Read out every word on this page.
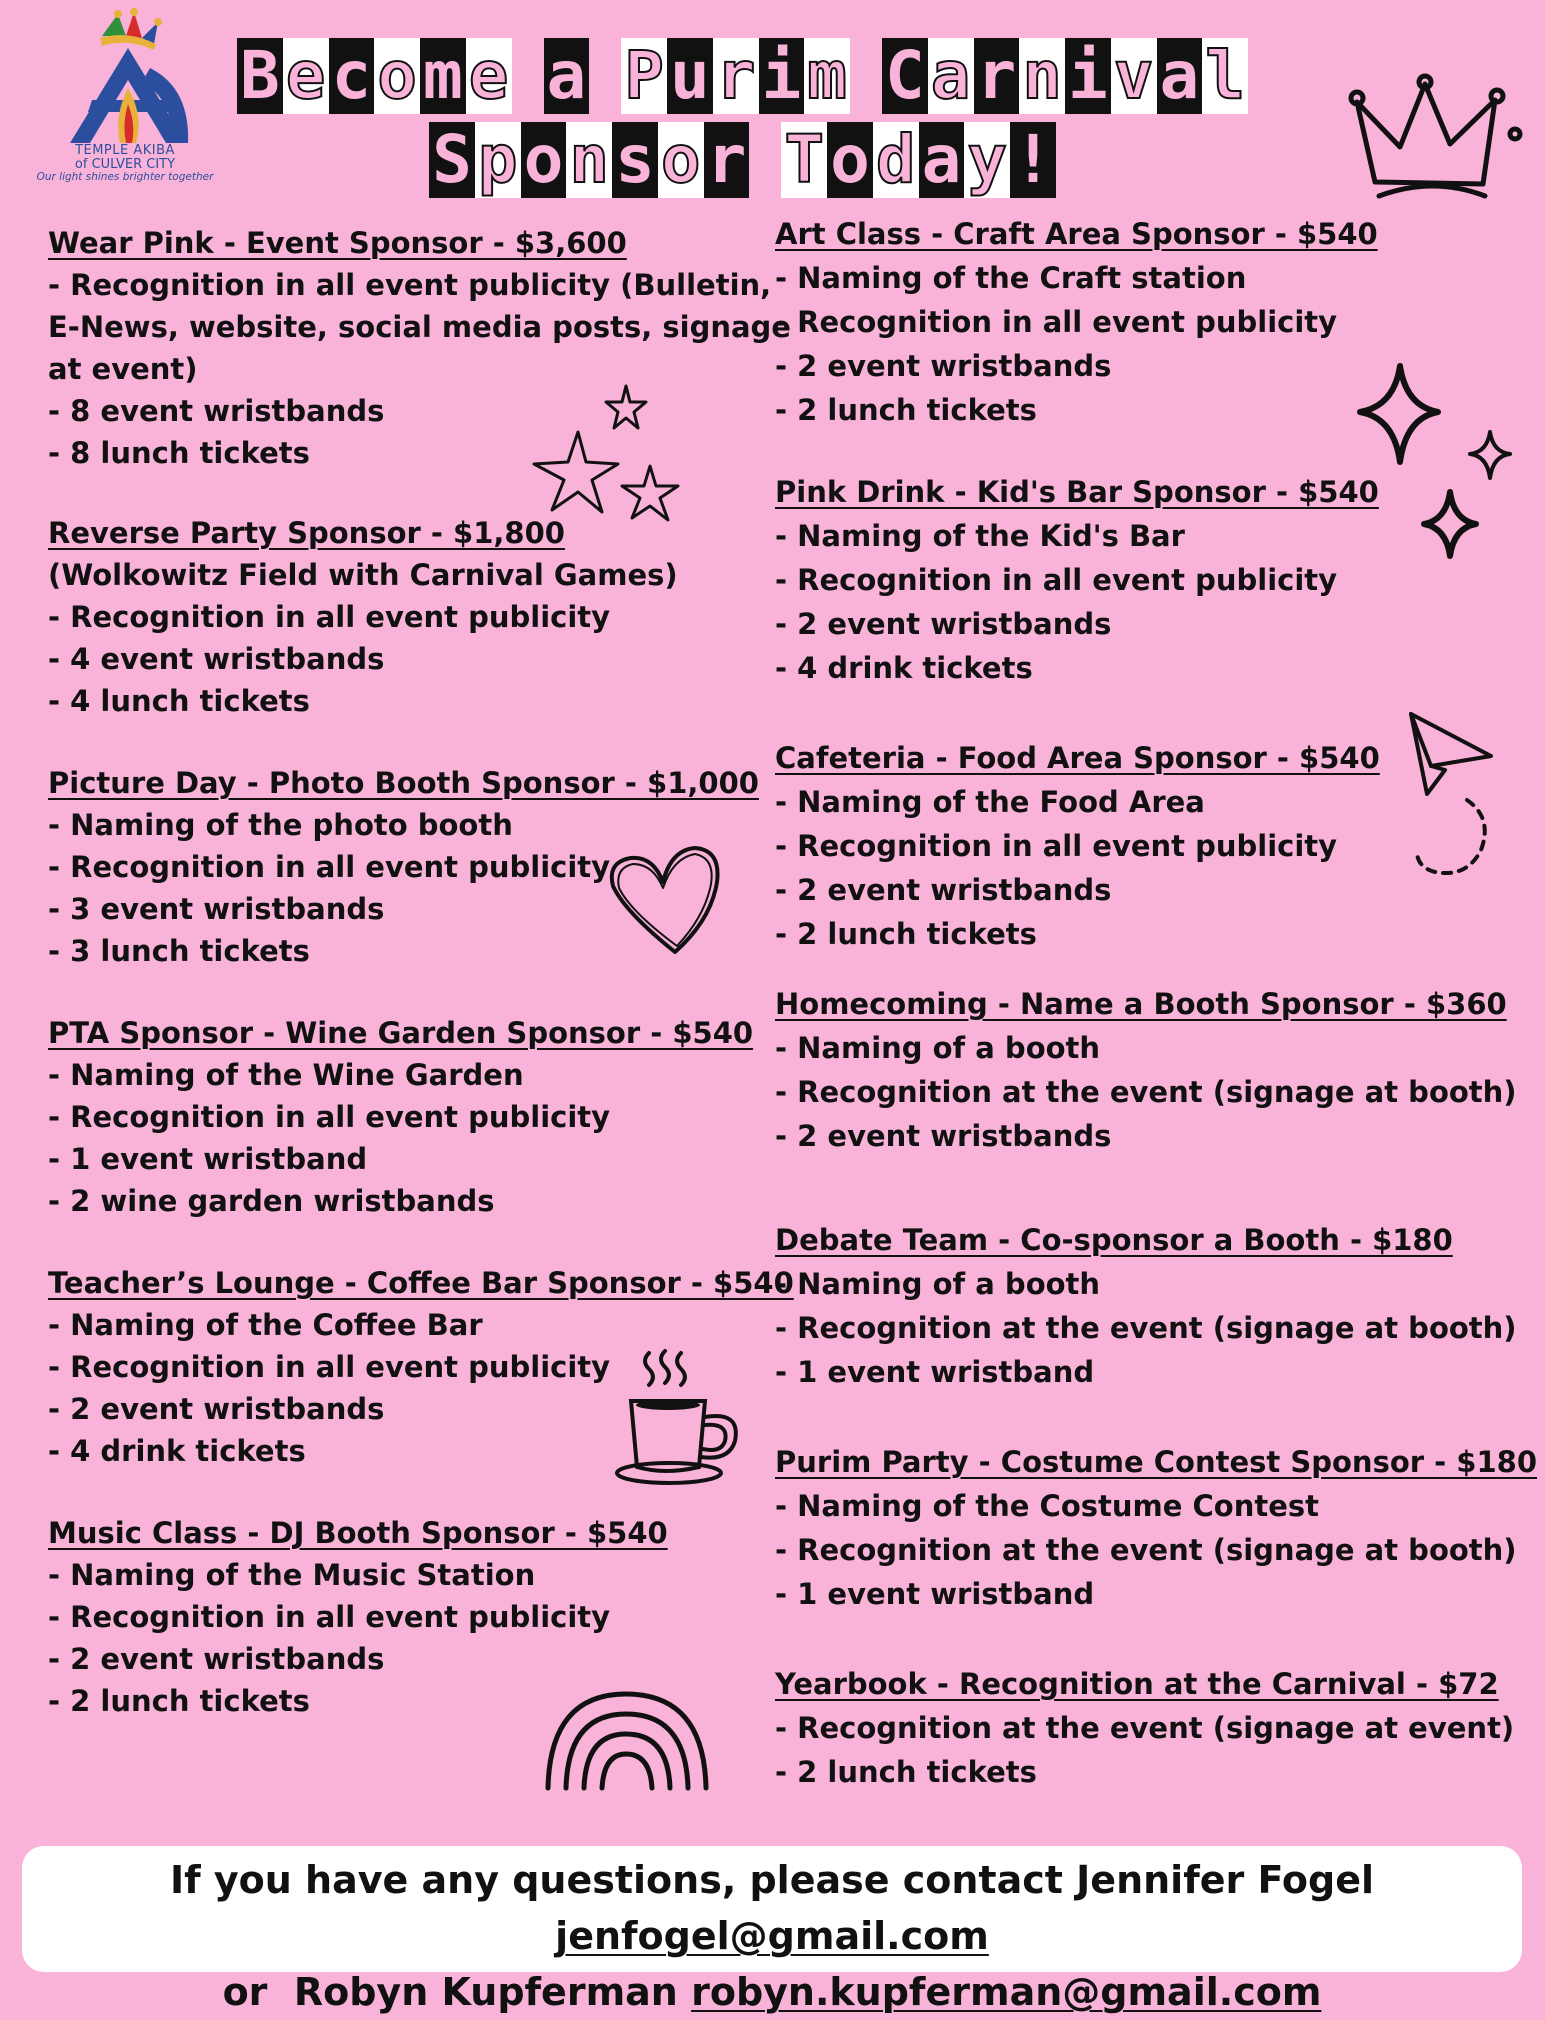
TEMPLE AKIBA
of CULVER CITY
Our light shines brighter together
Become a Purim Carnival
Sponsor Today!
Wear Pink - Event Sponsor - $3,600
- Recognition in all event publicity (Bulletin,
E-News, website, social media posts, signage
at event)
- 8 event wristbands
- 8 lunch tickets
Reverse Party Sponsor - $1,800
(Wolkowitz Field with Carnival Games)
- Recognition in all event publicity
- 4 event wristbands
- 4 lunch tickets
Picture Day - Photo Booth Sponsor - $1,000
- Naming of the photo booth
- Recognition in all event publicity
- 3 event wristbands
- 3 lunch tickets
PTA Sponsor - Wine Garden Sponsor - $540
- Naming of the Wine Garden
- Recognition in all event publicity
- 1 event wristband
- 2 wine garden wristbands
Teacher’s Lounge - Coffee Bar Sponsor - $540
- Naming of the Coffee Bar
- Recognition in all event publicity
- 2 event wristbands
- 4 drink tickets
Music Class - DJ Booth Sponsor - $540
- Naming of the Music Station
- Recognition in all event publicity
- 2 event wristbands
- 2 lunch tickets
Art Class - Craft Area Sponsor - $540
- Naming of the Craft station
- Recognition in all event publicity
- 2 event wristbands
- 2 lunch tickets
Pink Drink - Kid's Bar Sponsor - $540
- Naming of the Kid's Bar
- Recognition in all event publicity
- 2 event wristbands
- 4 drink tickets
Cafeteria - Food Area Sponsor - $540
- Naming of the Food Area
- Recognition in all event publicity
- 2 event wristbands
- 2 lunch tickets
Homecoming - Name a Booth Sponsor - $360
- Naming of a booth
- Recognition at the event (signage at booth)
- 2 event wristbands
Debate Team - Co-sponsor a Booth - $180
- Naming of a booth
- Recognition at the event (signage at booth)
- 1 event wristband
Purim Party - Costume Contest Sponsor - $180
- Naming of the Costume Contest
- Recognition at the event (signage at booth)
- 1 event wristband
Yearbook - Recognition at the Carnival - $72
- Recognition at the event (signage at event)
- 2 lunch tickets
If you have any questions, please contact Jennifer Fogel jenfogel@gmail.com
or  Robyn Kupferman robyn.kupferman@gmail.com
